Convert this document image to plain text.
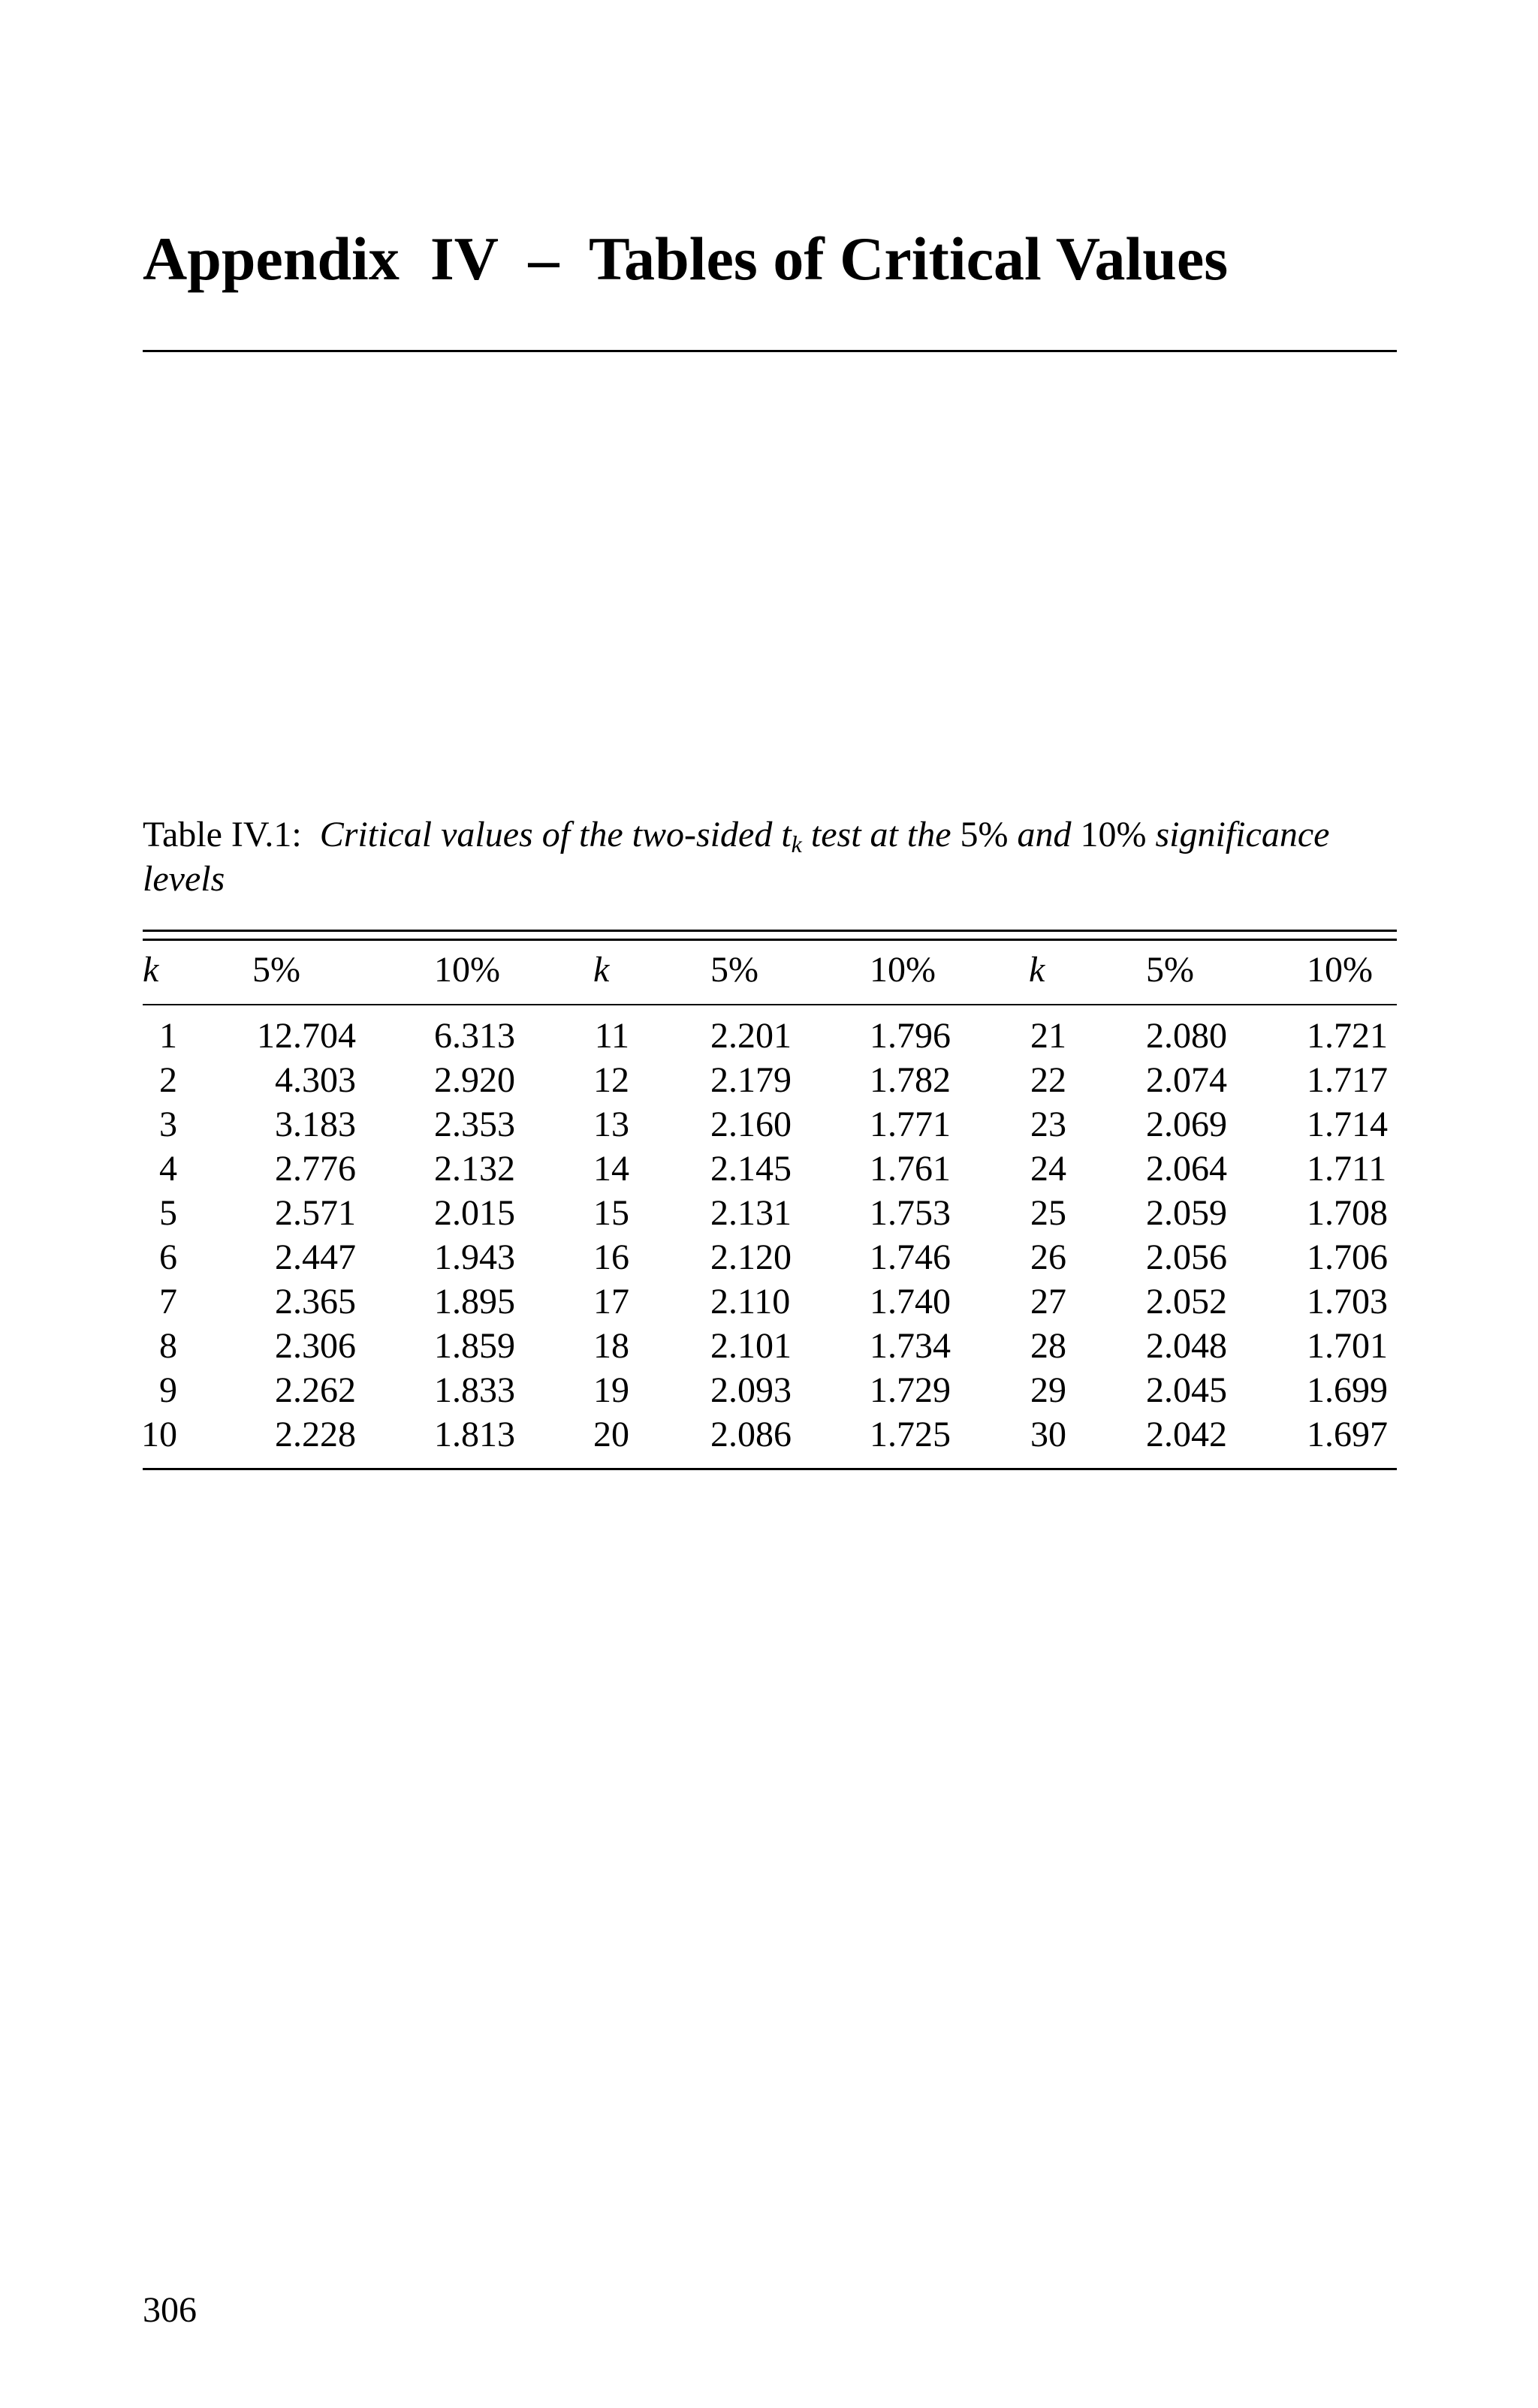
Appendix  IV  –  Tables of Critical Values

Table IV.1: Critical values of the two-sided $t_k$ test at the 5% and 10% significance levels

k	5%	10%	k	5%	10%	k	5%	10%
1	12.704 6.313	11 2.201 1.796	21 2.080 1.721
2	4.303 2.920	12 2.179 1.782	22 2.074 1.717
3	3.183 2.353	13 2.160 1.771	23 2.069 1.714
4	2.776 2.132	14 2.145 1.761	24 2.064 1.711
5	2.571 2.015	15 2.131 1.753	25 2.059 1.708
6	2.447 1.943	16 2.120 1.746	26 2.056 1.706
7	2.365 1.895	17 2.110 1.740	27 2.052 1.703
8	2.306 1.859	18 2.101 1.734	28 2.048 1.701
9	2.262 1.833	19 2.093 1.729	29 2.045 1.699
10	2.228 1.813	20 2.086 1.725	30 2.042 1.697

306
